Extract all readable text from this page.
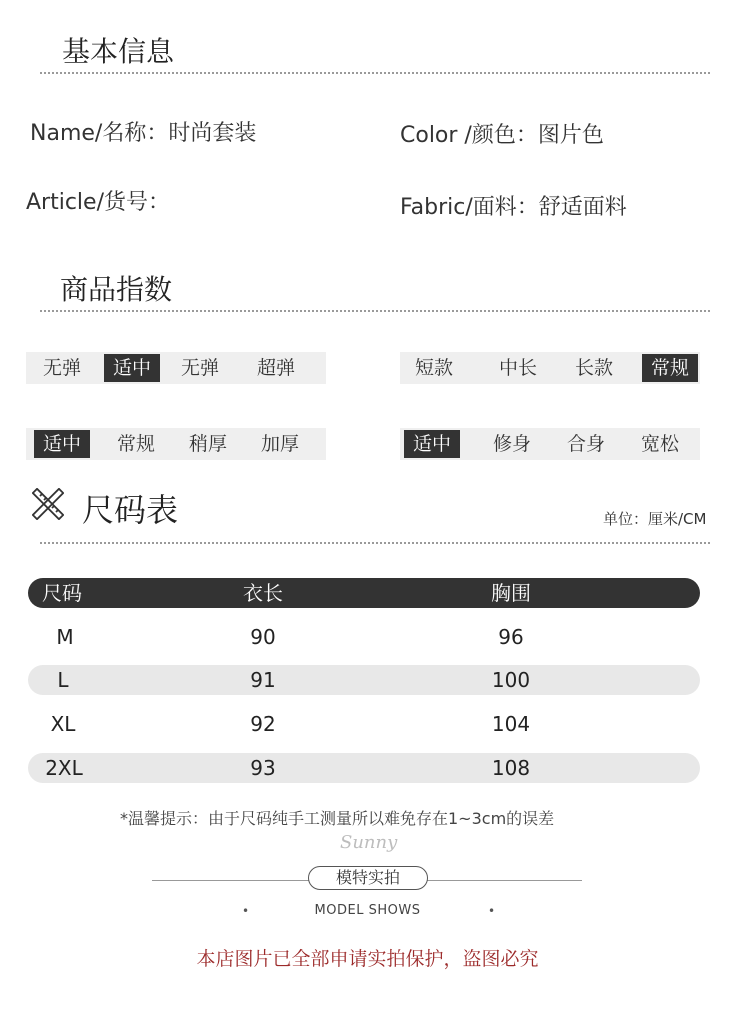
基本信息
Name/名称：时尚套装	Color /颜色：图片色
Article/货号：	Fabric/面料：舒适面料
商品指数
无弹	适中	无弹	超弹	短款	中长	长款	常规
适中	常规	稍厚	加厚	适中	修身	合身	宽松
尺码表	单位：厘米/CM
尺码	衣长	胸围
M	90	96
L	91	100
XL	92	104
2XL	93	108
*温馨提示：由于尺码纯手工测量所以难免存在1~3cm的误差
Sunny
模特实拍
•	MODEL SHOWS	•
本店图片已全部申请实拍保护，盗图必究
